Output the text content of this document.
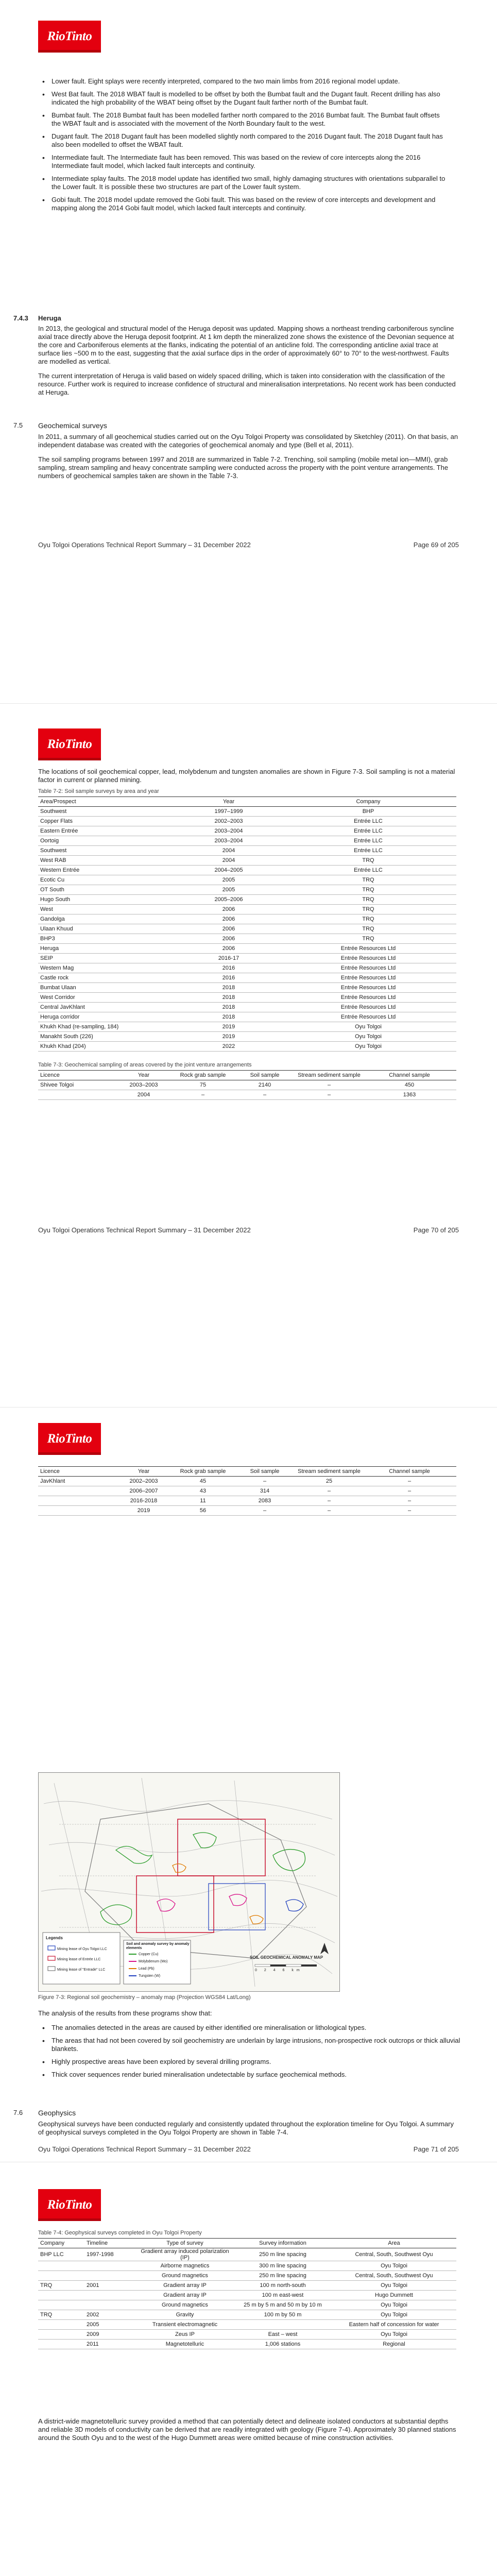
RioTinto
• Lower fault. Eight splays were recently interpreted, compared to the two main limbs from 2016 regional model update.
• West Bat fault. The 2018 WBAT fault is modelled to be offset by both the Bumbat fault and the Dugant fault. Recent drilling has also indicated the high probability of the WBAT being offset by the Dugant fault farther north of the Bumbat fault.
• Bumbat fault. The 2018 Bumbat fault has been modelled farther north compared to the 2016 Bumbat fault. The Bumbat fault offsets the WBAT fault and is associated with the movement of the North Boundary fault to the west.
• Dugant fault. The 2018 Dugant fault has been modelled slightly north compared to the 2016 Dugant fault. The 2018 Dugant fault has also been modelled to offset the WBAT fault.
• Intermediate fault. The Intermediate fault has been removed. This was based on the review of core intercepts along the 2016 Intermediate fault model, which lacked fault intercepts and continuity.
• Intermediate splay faults. The 2018 model update has identified two small, highly damaging structures with orientations subparallel to the Lower fault. It is possible these two structures are part of the Lower fault system.
• Gobi fault. The 2018 model update removed the Gobi fault. This was based on the review of core intercepts and development and mapping along the 2014 Gobi fault model, which lacked fault intercepts and continuity.
7.4.3 Heruga

In 2013, the geological and structural model of the Heruga deposit was updated. Mapping shows a northeast trending carboniferous syncline axial trace directly above the Heruga deposit footprint. At 1 km depth the mineralized zone shows the existence of the Devonian sequence at the core and Carboniferous elements at the flanks, indicating the potential of an anticline fold. The corresponding anticline axial trace at surface lies ~500 m to the east, suggesting that the axial surface dips in the order of approximately 60° to 70° to the west-northwest. Faults are modelled as vertical.

The current interpretation of Heruga is valid based on widely spaced drilling, which is taken into consideration with the classification of the resource. Further work is required to increase confidence of structural and mineralisation interpretations. No recent work has been conducted at Heruga.

7.5 Geochemical surveys

In 2011, a summary of all geochemical studies carried out on the Oyu Tolgoi Property was consolidated by Sketchley (2011). On that basis, an independent database was created with the categories of geochemical anomaly and type (Bell et al, 2011).

The soil sampling programs between 1997 and 2018 are summarized in Table 7-2. Trenching, soil sampling (mobile metal ion—MMI), grab sampling, stream sampling and heavy concentrate sampling were conducted across the property with the point venture arrangements. The numbers of geochemical samples taken are shown in the Table 7-3.

Oyu Tolgoi Operations Technical Report Summary – 31 December 2022	Page 69 of 205
RioTinto

The locations of soil geochemical copper, lead, molybdenum and tungsten anomalies are shown in Figure 7-3. Soil sampling is not a material factor in current or planned mining.

Table 7-2: Soil sample surveys by area and year
Area/Prospect	Year	Company
Southwest	1997–1999	BHP
Copper Flats	2002–2003	Entrée LLC
Eastern Entrée	2003–2004	Entrée LLC
Oortoig	2003–2004	Entrée LLC
Southwest	2004	Entrée LLC
West RAB	2004	TRQ
Western Entrée	2004–2005	Entrée LLC
Ecotic Cu	2005	TRQ
OT South	2005	TRQ
Hugo South	2005–2006	TRQ
West	2006	TRQ
Gandolga	2006	TRQ
Ulaan Khuud	2006	TRQ
BHP3	2006	TRQ
Heruga	2006	Entrée Resources Ltd
SEIP	2016-17	Entrée Resources Ltd
Western Mag	2016	Entrée Resources Ltd
Castle rock	2016	Entrée Resources Ltd
Bumbat Ulaan	2018	Entrée Resources Ltd
West Corridor	2018	Entrée Resources Ltd
Central JavKhlant	2018	Entrée Resources Ltd
Heruga corridor	2018	Entrée Resources Ltd
Khukh Khad (re-sampling, 184)	2019	Oyu Tolgoi
Manakht South (226)	2019	Oyu Tolgoi
Khukh Khad (204)	2022	Oyu Tolgoi
Table 7-3: Geochemical sampling of areas covered by the joint venture arrangements
Licence	Year	Rock grab sample	Soil sample	Stream sediment sample	Channel sample
Shivee Tolgoi	2003–2003	75	2140	–	450
	2004	–	–	–	1363
Oyu Tolgoi Operations Technical Report Summary – 31 December 2022	Page 70 of 205
RioTinto
Licence	Year	Rock grab sample	Soil sample	Stream sediment sample	Channel sample
JavKhlant	2002–2003	45	–	25	–
	2006–2007	43	314	–	–
	2016-2018	11	2083	–	–
	2019	56	–	–	–
Legends
Mining lease of Oyu Tolgoi LLC
Mining lease of Entrée LLC
Mining lease of "Entrade" LLC
Soil and anomaly survey by anomaly elements
Copper (Cu)
Molybdenum (Mo)
Lead (Pb)
Tungsten (W)
SOIL GEOCHEMICAL ANOMALY MAP
0 2 4 6 km
Figure 7-3: Regional soil geochemistry – anomaly map (Projection WGS84 Lat/Long)

The analysis of the results from these programs show that:

• The anomalies detected in the areas are caused by either identified ore mineralisation or lithological types.
• The areas that had not been covered by soil geochemistry are underlain by large intrusions, non-prospective rock outcrops or thick alluvial blankets.
• Highly prospective areas have been explored by several drilling programs.
• Thick cover sequences render buried mineralisation undetectable by surface geochemical methods.
7.6 Geophysics

Geophysical surveys have been conducted regularly and consistently updated throughout the exploration timeline for Oyu Tolgoi. A summary of geophysical surveys completed in the Oyu Tolgoi Property are shown in Table 7-4.

Oyu Tolgoi Operations Technical Report Summary – 31 December 2022	Page 71 of 205
RioTinto
Table 7-4: Geophysical surveys completed in Oyu Tolgoi Property
Company	Timeline	Type of survey	Survey information	Area
BHP LLC	1997-1998	Gradient array induced polarization (IP)	250 m line spacing	Central, South, Southwest Oyu
		Airborne magnetics	300 m line spacing	Oyu Tolgoi
		Ground magnetics	250 m line spacing	Central, South, Southwest Oyu
TRQ	2001	Gradient array IP	100 m north-south	Oyu Tolgoi
		Gradient array IP	100 m east-west	Hugo Dummett
		Ground magnetics	25 m by 5 m and 50 m by 10 m	Oyu Tolgoi
TRQ	2002	Gravity	100 m by 50 m	Oyu Tolgoi
	2005	Transient electromagnetic		Eastern half of concession for water
	2009	Zeus IP	East – west	Oyu Tolgoi
	2011	Magnetotelluric	1,006 stations	Regional

A district-wide magnetotelluric survey provided a method that can potentially detect and delineate isolated conductors at substantial depths and reliable 3D models of conductivity can be derived that are readily integrated with geology (Figure 7-4). Approximately 30 planned stations around the South Oyu and to the west of the Hugo Dummett areas were omitted because of mine construction activities.
